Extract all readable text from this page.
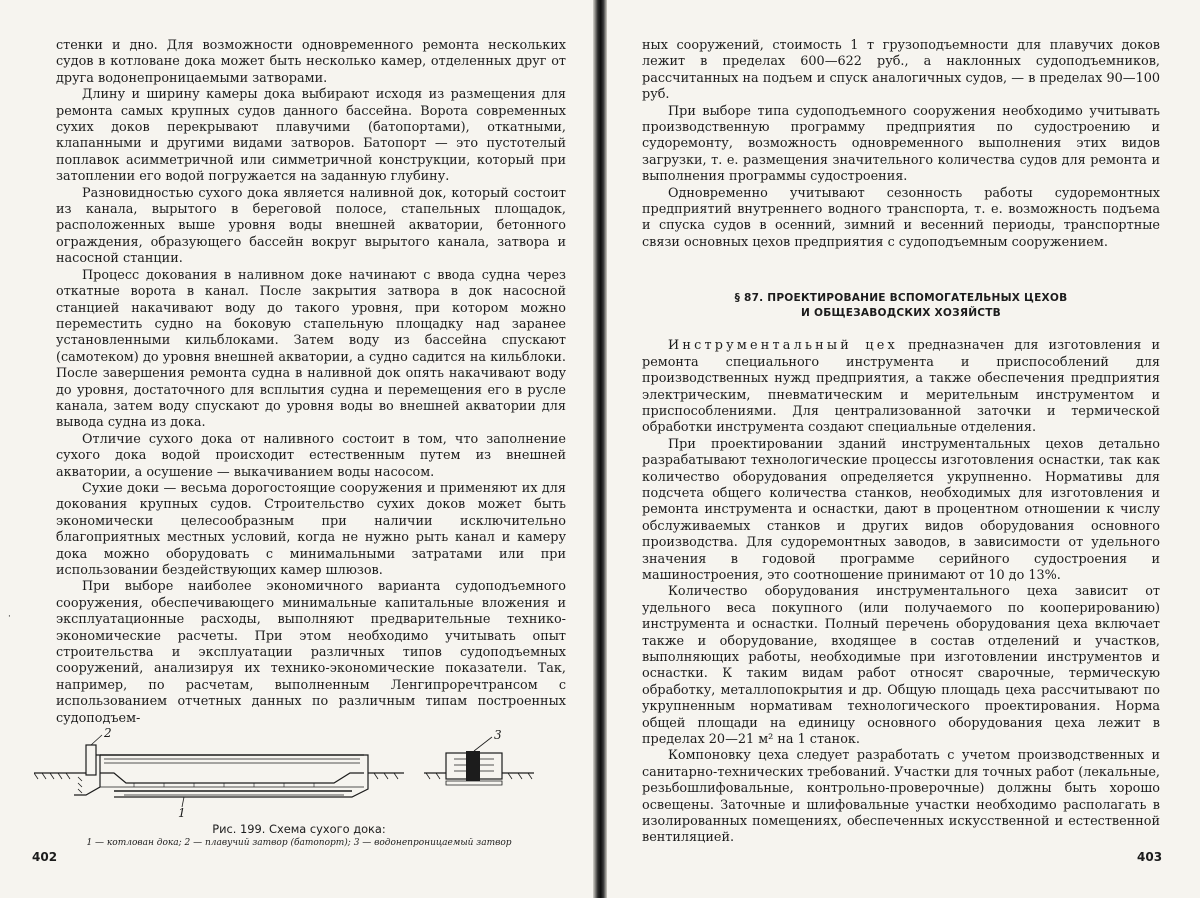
стенки и дно. Для возможности одновременного ремонта нескольких судов в котловане дока может быть несколько камер, отделенных друг от друга водонепроницаемыми затворами.

Длину и ширину камеры дока выбирают исходя из размещения для ремонта самых крупных судов данного бассейна. Ворота современных сухих доков перекрывают плавучими (батопортами), откатными, клапанными и другими видами затворов. Батопорт — это пустотелый поплавок асимметричной или симметричной конструкции, который при затоплении его водой погружается на заданную глубину.

Разновидностью сухого дока является наливной док, который состоит из канала, вырытого в береговой полосе, стапельных площадок, расположенных выше уровня воды внешней акватории, бетонного ограждения, образующего бассейн вокруг вырытого канала, затвора и насосной станции.

Процесс докования в наливном доке начинают с ввода судна через откатные ворота в канал. После закрытия затвора в док насосной станцией накачивают воду до такого уровня, при котором можно переместить судно на боковую стапельную площадку над заранее установленными кильблоками. Затем воду из бассейна спускают (самотеком) до уровня внешней акватории, а судно садится на кильблоки. После завершения ремонта судна в наливной док опять накачивают воду до уровня, достаточного для всплытия судна и перемещения его в русле канала, затем воду спускают до уровня воды во внешней акватории для вывода судна из дока.

Отличие сухого дока от наливного состоит в том, что заполнение сухого дока водой происходит естественным путем из внешней акватории, а осушение — выкачиванием воды насосом.

Сухие доки — весьма дорогостоящие сооружения и применяют их для докования крупных судов. Строительство сухих доков может быть экономически целесообразным при наличии исключительно благоприятных местных условий, когда не нужно рыть канал и камеру дока можно оборудовать с минимальными затратами или при использовании бездействующих камер шлюзов.

При выборе наиболее экономичного варианта судоподъемного сооружения, обеспечивающего минимальные капитальные вложения и эксплуатационные расходы, выполняют предварительные технико-экономические расчеты. При этом необходимо учитывать опыт строительства и эксплуатации различных типов судоподъемных сооружений, анализируя их технико-экономические показатели. Так, например, по расчетам, выполненным Ленгипроречтрансом с использованием отчетных данных по различным типам построенных судоподъем-

2
1
3
Рис. 199. Схема сухого дока:
1 — котлован дока; 2 — плавучий затвор (батопорт); 3 — водонепроницаемый затвор
402
·

ных сооружений, стоимость 1 т грузоподъемности для плавучих доков лежит в пределах 600—622 руб., а наклонных судоподъемников, рассчитанных на подъем и спуск аналогичных судов, — в пределах 90—100 руб.

При выборе типа судоподъемного сооружения необходимо учитывать производственную программу предприятия по судостроению и судоремонту, возможность одновременного выполнения этих видов загрузки, т. е. размещения значительного количества судов для ремонта и выполнения программы судостроения.

Одновременно учитывают сезонность работы судоремонтных предприятий внутреннего водного транспорта, т. е. возможность подъема и спуска судов в осенний, зимний и весенний периоды, транспортные связи основных цехов предприятия с судоподъемным сооружением.

§ 87. ПРОЕКТИРОВАНИЕ ВСПОМОГАТЕЛЬНЫХ ЦЕХОВ
И ОБЩЕЗАВОДСКИХ ХОЗЯЙСТВ

Инструментальный цех предназначен для изготовления и ремонта специального инструмента и приспособлений для производственных нужд предприятия, а также обеспечения предприятия электрическим, пневматическим и мерительным инструментом и приспособлениями. Для централизованной заточки и термической обработки инструмента создают специальные отделения.

При проектировании зданий инструментальных цехов детально разрабатывают технологические процессы изготовления оснастки, так как количество оборудования определяется укрупненно. Нормативы для подсчета общего количества станков, необходимых для изготовления и ремонта инструмента и оснастки, дают в процентном отношении к числу обслуживаемых станков и других видов оборудования основного производства. Для судоремонтных заводов, в зависимости от удельного значения в годовой программе серийного судостроения и машиностроения, это соотношение принимают от 10 до 13%.

Количество оборудования инструментального цеха зависит от удельного веса покупного (или получаемого по кооперированию) инструмента и оснастки. Полный перечень оборудования цеха включает также и оборудование, входящее в состав отделений и участков, выполняющих работы, необходимые при изготовлении инструментов и оснастки. К таким видам работ относят сварочные, термическую обработку, металлопокрытия и др. Общую площадь цеха рассчитывают по укрупненным нормативам технологического проектирования. Норма общей площади на единицу основного оборудования цеха лежит в пределах 20—21 м² на 1 станок.

Компоновку цеха следует разработать с учетом производственных и санитарно-технических требований. Участки для точных работ (лекальные, резьбошлифовальные, контрольно-проверочные) должны быть хорошо освещены. Заточные и шлифовальные участки необходимо располагать в изолированных помещениях, обеспеченных искусственной и естественной вентиляцией.

403
